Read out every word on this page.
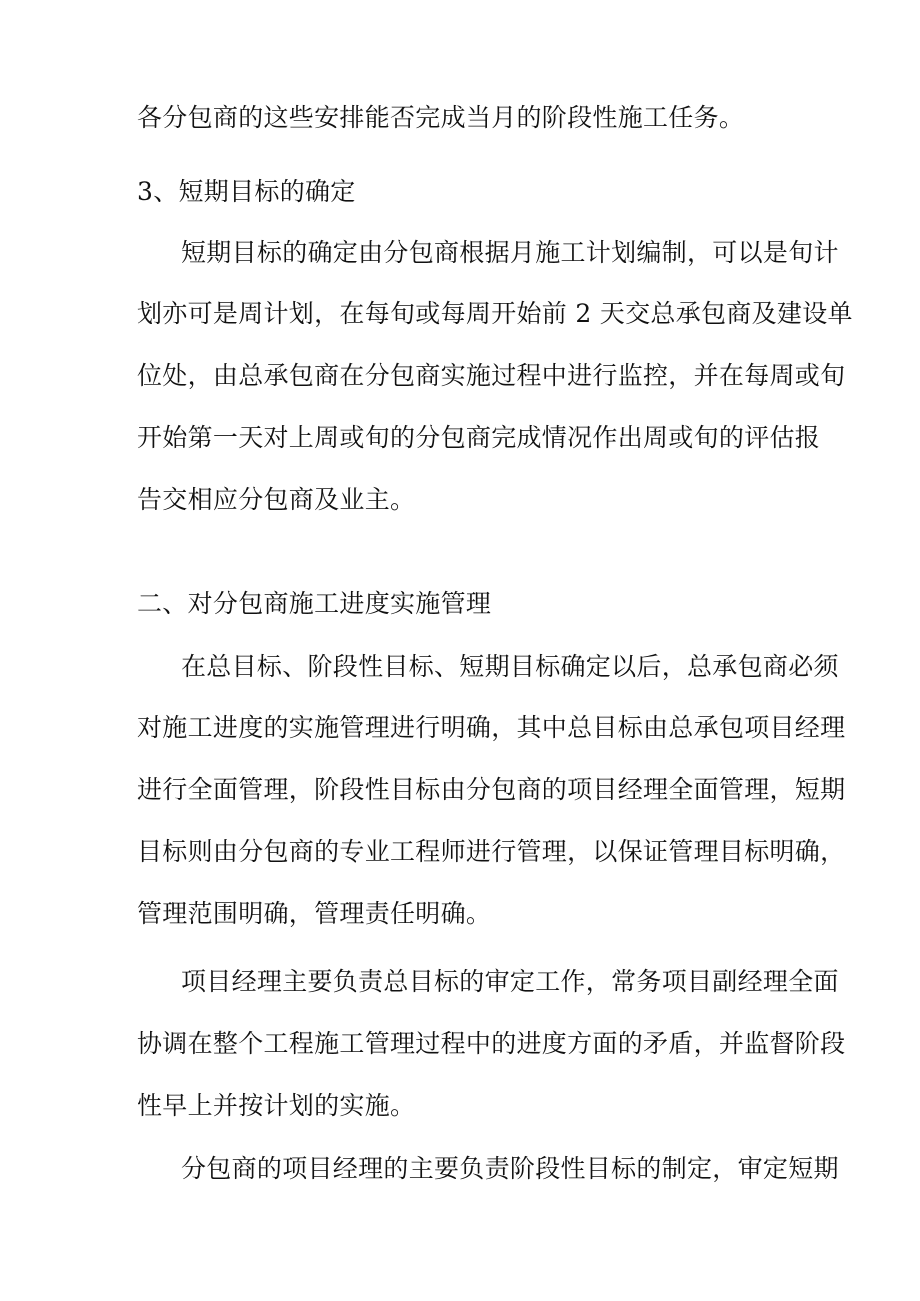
各分包商的这些安排能否完成当月的阶段性施工任务。
3、短期目标的确定
短期目标的确定由分包商根据月施工计划编制，可以是旬计
划亦可是周计划，在每旬或每周开始前 2 天交总承包商及建设单
位处，由总承包商在分包商实施过程中进行监控，并在每周或旬
开始第一天对上周或旬的分包商完成情况作出周或旬的评估报
告交相应分包商及业主。
二、对分包商施工进度实施管理
在总目标、阶段性目标、短期目标确定以后，总承包商必须
对施工进度的实施管理进行明确，其中总目标由总承包项目经理
进行全面管理，阶段性目标由分包商的项目经理全面管理，短期
目标则由分包商的专业工程师进行管理，以保证管理目标明确，
管理范围明确，管理责任明确。
项目经理主要负责总目标的审定工作，常务项目副经理全面
协调在整个工程施工管理过程中的进度方面的矛盾，并监督阶段
性早上并按计划的实施。
分包商的项目经理的主要负责阶段性目标的制定，审定短期
